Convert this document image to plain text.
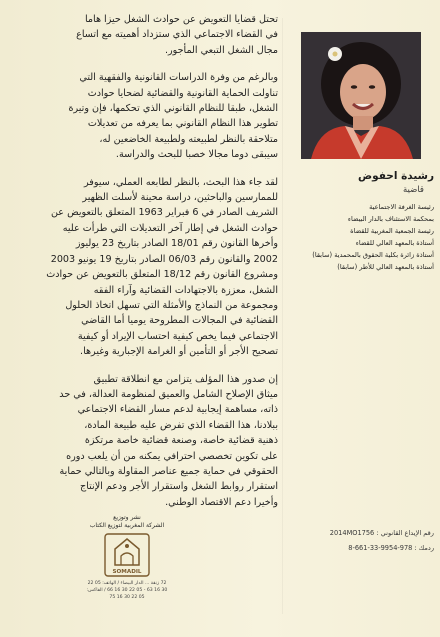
تحتل قضايا التعويض عن حوادث الشغل حيزا هاما

في القضاء الاجتماعي الذي ستزداد أهميته مع اتساع

مجال الشغل التبعي المأجور.

وبالرغم من وفرة الدراسات القانونية والفقهية التي

تناولت الحماية القانونية والقضائية لضحايا حوادث

الشغل، طبقا للنظام القانوني الذي تحكمها، فإن وتيرة

تطوير هذا النظام القانوني بما يعرفه من تعديلات

متلاحقة بالنظر لطبيعته ولطبيعة الخاضعين له،

سيبقى دوما مجالا خصبا للبحث والدراسة.

لقد جاء هذا البحث، بالنظر لطابعه العملي، سيوفر

للممارسين والباحثين، دراسة محينة لأسلت الظهير

الشريف الصادر في 6 فبراير 1963 المتعلق بالتعويض عن

حوادث الشغل في إطار آخر التعديلات التي طرأت عليه

وأخرها القانون رقم 18/01 الصادر بتاريخ 23 يوليوز

2002 والقانون رقم 06/03 الصادر بتاريخ 19 يونيو 2003

ومشروع القانون رقم 18/12 المتعلق بالتعويض عن حوادث

الشغل، معززة بالاجتهادات القضائية وآراء الفقه

ومجموعة من النماذج والأمثلة التي تسهل اتخاذ الحلول

القضائية في المجالات المطروحة يوميا أما القاضي

الاجتماعي فيما يخص كيفية احتساب الإيراد أو كيفية

تصحيح الأجر أو التأمين أو الغرامة الإجبارية وغيرها.

إن صدور هذا المؤلف يتزامن مع انطلاقة تطبيق

ميثاق الإصلاح الشامل والعميق لمنظومة العدالة، في حد

ذاته، مساهمة إيجابية لدعم مسار القضاء الاجتماعي

ببلادنا، هذا القضاء الذي تفرض عليه طبيعة المادة،

ذهنية قضائية خاصة، وصنعة قضائية خاصة مرتكزة

على تكوين تخصصي احترافي يمكنه من أن يلعب دوره

الحقوقي في حماية جميع عناصر المقاولة وبالتالي حماية

استقرار روابط الشغل واستقرار الأجر ودعم الإنتاج

وأخيرا دعم الاقتصاد الوطني.

رشيدة احفوض

قاضية

رئيسة الغرفة الاجتماعية

بمحكمة الاستئناف بالدار البيضاء

رئيسة الجمعية المغربية للقضاة

أستاذة بالمعهد العالي للقضاء

أستاذة زائرة بكلية الحقوق بالمحمدية (سابقا)

أستاذة بالمعهد العالي للأطر (سابقا)

رقم الإيداع القانوني : 2014MO1756

ردمك : 978-9954-33-661-8

نشر وتوزيع

الشركة المغربية لتوزيع الكتاب

SOMADIL

72 زنقة ... الدار البيضاء / الهاتف: 05 22 30 16 63 - 05 22 30 16 66 / الفاكس: 05 22 30 16 75
